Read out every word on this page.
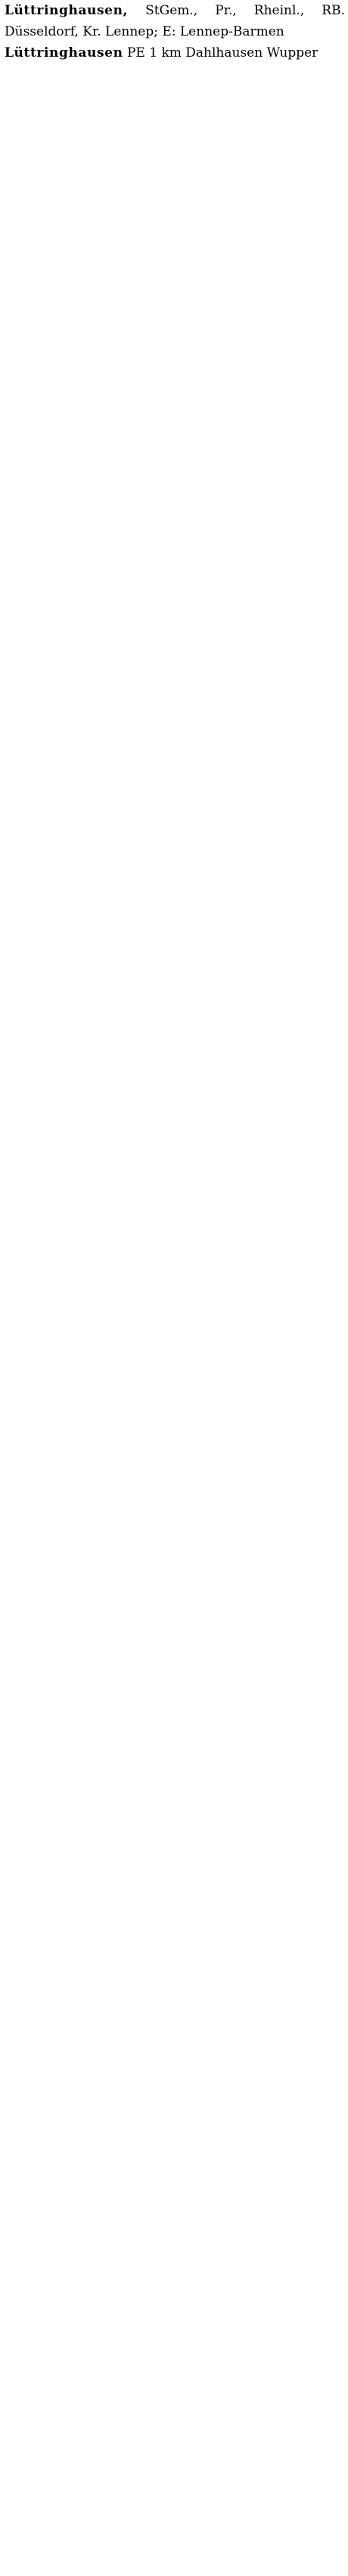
Lüttringhausen, StGem., Pr., Rheinl., RB. Düsseldorf, Kr. Lennep; E: Lennep-Barmen

Lüttringhausen PE 1 km Dahlhausen Wupper
